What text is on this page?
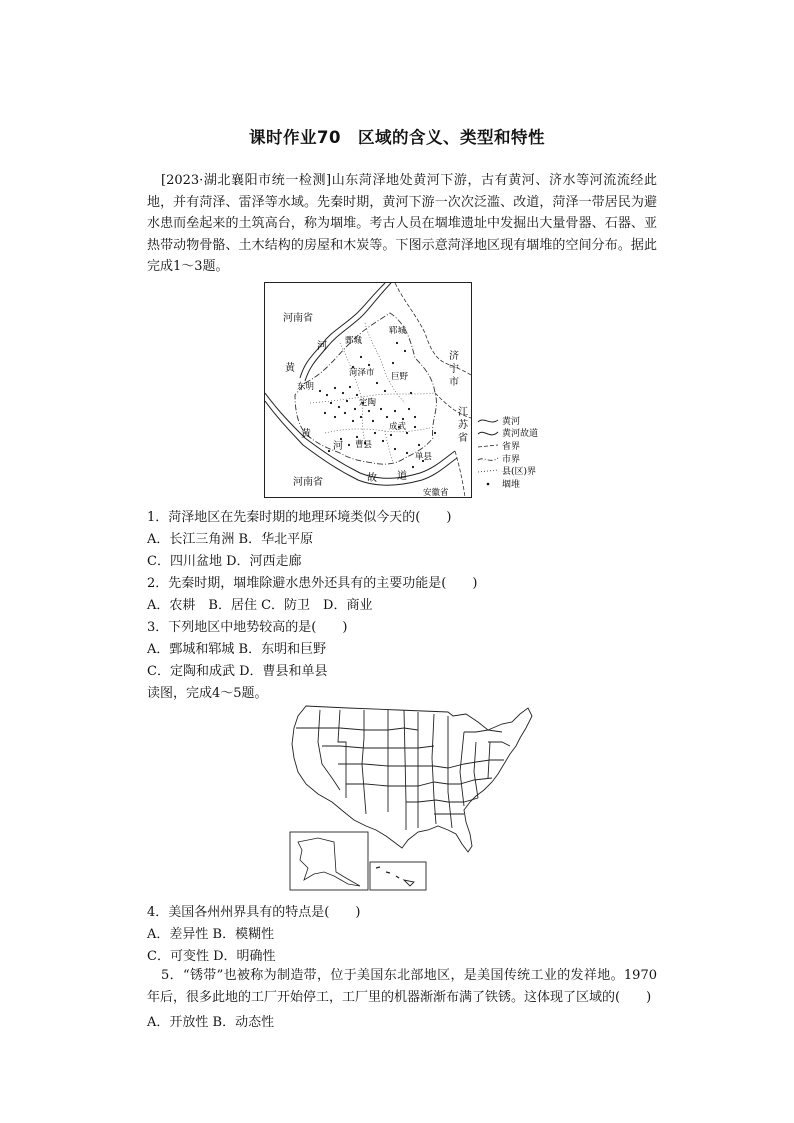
课时作业70　区域的含义、类型和特性
[2023·湖北襄阳市统一检测]山东菏泽地处黄河下游，古有黄河、济水等河流流经此地，并有菏泽、雷泽等水域。先秦时期，黄河下游一次次泛滥、改道，菏泽一带居民为避水患而垒起来的土筑高台，称为堌堆。考古人员在堌堆遗址中发掘出大量骨器、石器、亚热带动物骨骼、土木结构的房屋和木炭等。下图示意菏泽地区现有堌堆的空间分布。据此完成1～3题。
河南省
河
黄
鄄城
郓城
菏泽市
东明
巨野
定陶
成武
曹县
单县
黄
河
故 道
河南省
安徽省
济
宁
市
江
苏
省
黄河
黄河故道
省界
市界
县(区)界
堌堆
1．菏泽地区在先秦时期的地理环境类似今天的(　　)
A．长江三角洲 B．华北平原
C．四川盆地 D．河西走廊
2．先秦时期，堌堆除避水患外还具有的主要功能是(　　)
A．农耕　B．居住 C．防卫　D．商业
3．下列地区中地势较高的是(　　)
A．鄄城和郓城 B．东明和巨野
C．定陶和成武 D．曹县和单县
读图，完成4～5题。
4．美国各州州界具有的特点是(　　)
A．差异性 B．模糊性
C．可变性 D．明确性
5．“锈带”也被称为制造带，位于美国东北部地区，是美国传统工业的发祥地。1970年后，很多此地的工厂开始停工，工厂里的机器渐渐布满了铁锈。这体现了区域的(　　)
A．开放性 B．动态性
